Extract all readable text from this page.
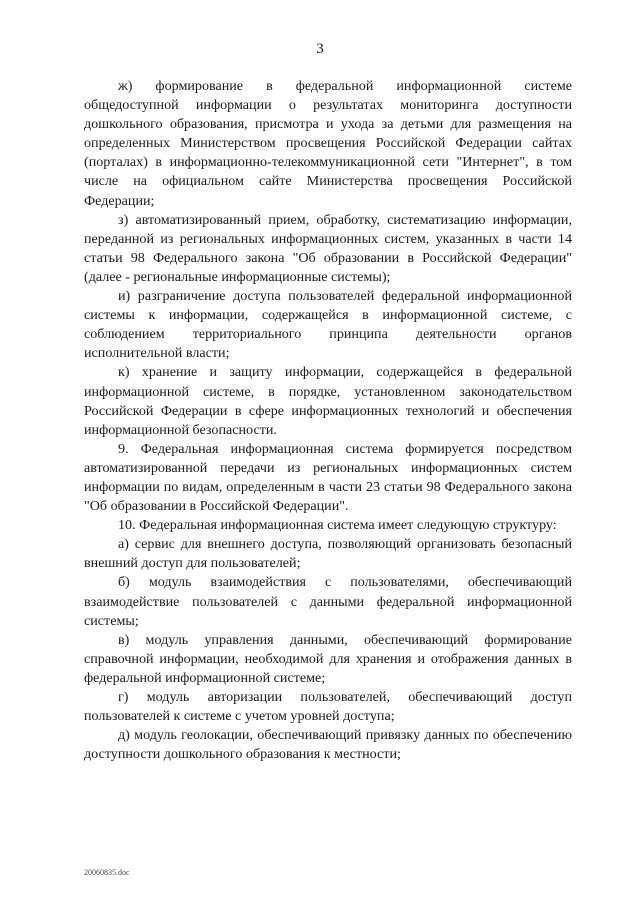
3

ж) формирование в федеральной информационной системе общедоступной информации о результатах мониторинга доступности дошкольного образования, присмотра и ухода за детьми для размещения на определенных Министерством просвещения Российской Федерации сайтах (порталах) в информационно-телекоммуникационной сети "Интернет", в том числе на официальном сайте Министерства просвещения Российской Федерации;

з) автоматизированный прием, обработку, систематизацию информации, переданной из региональных информационных систем, указанных в части 14 статьи 98 Федерального закона "Об образовании в Российской Федерации" (далее - региональные информационные системы);

и) разграничение доступа пользователей федеральной информационной системы к информации, содержащейся в информационной системе, с соблюдением территориального принципа деятельности органов исполнительной власти;

к) хранение и защиту информации, содержащейся в федеральной информационной системе, в порядке, установленном законодательством Российской Федерации в сфере информационных технологий и обеспечения информационной безопасности.

9. Федеральная информационная система формируется посредством автоматизированной передачи из региональных информационных систем информации по видам, определенным в части 23 статьи 98 Федерального закона "Об образовании в Российской Федерации".

10. Федеральная информационная система имеет следующую структуру:

а) сервис для внешнего доступа, позволяющий организовать безопасный внешний доступ для пользователей;

б) модуль взаимодействия с пользователями, обеспечивающий взаимодействие пользователей с данными федеральной информационной системы;

в) модуль управления данными, обеспечивающий формирование справочной информации, необходимой для хранения и отображения данных в федеральной информационной системе;

г) модуль авторизации пользователей, обеспечивающий доступ пользователей к системе с учетом уровней доступа;

д) модуль геолокации, обеспечивающий привязку данных по обеспечению доступности дошкольного образования к местности;

20060835.doc
